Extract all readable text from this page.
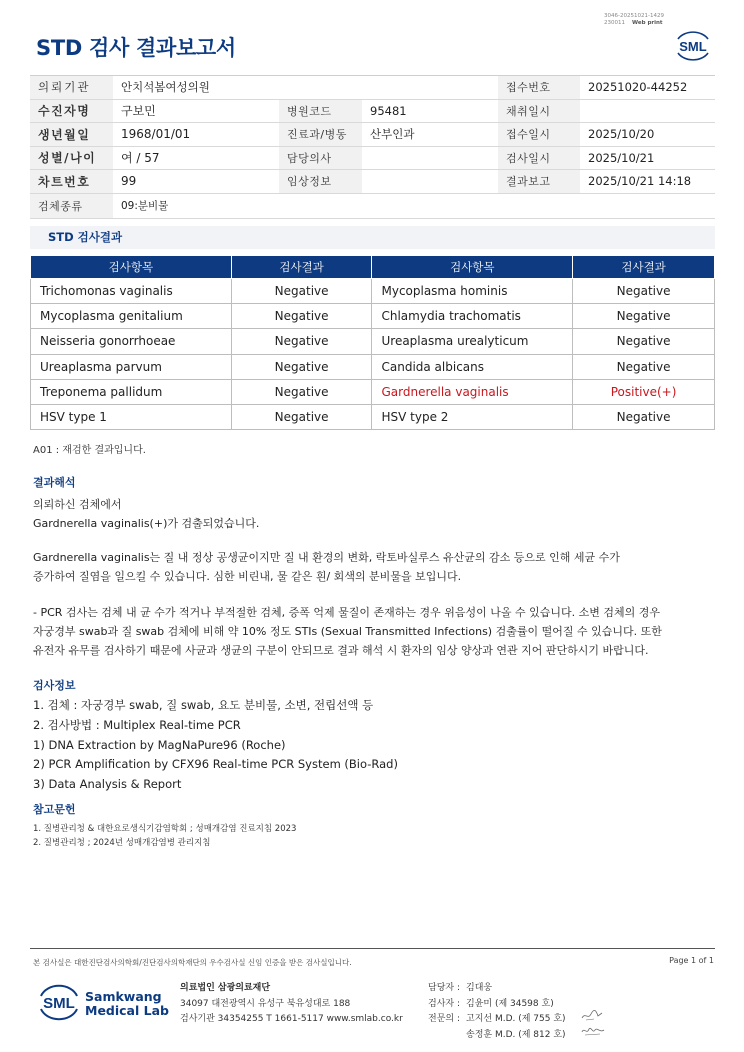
STD 검사 결과보고서
3046-20251021-1429
230011 Web print
SML
의뢰기관	안치석봄여성의원			접수번호	20251020-44252
수진자명	구보민	병원코드	95481	채취일시	
생년월일	1968/01/01	진료과/병동	산부인과	접수일시	2025/10/20
성별/나이	여 / 57	담당의사		검사일시	2025/10/21
차트번호	99	임상정보		결과보고	2025/10/21 14:18
검체종류	09:분비물				
STD 검사결과
검사항목	검사결과	검사항목	검사결과
Trichomonas vaginalis	Negative	Mycoplasma hominis	Negative
Mycoplasma genitalium	Negative	Chlamydia trachomatis	Negative
Neisseria gonorrhoeae	Negative	Ureaplasma urealyticum	Negative
Ureaplasma parvum	Negative	Candida albicans	Negative
Treponema pallidum	Negative	Gardnerella vaginalis	Positive(+)
HSV type 1	Negative	HSV type 2	Negative
A01 : 재검한 결과입니다.
결과해석
의뢰하신 검체에서
Gardnerella vaginalis(+)가 검출되었습니다.
Gardnerella vaginalis는 질 내 정상 공생균이지만 질 내 환경의 변화, 락토바실루스 유산균의 감소 등으로 인해 세균 수가
증가하여 질염을 일으킬 수 있습니다. 심한 비린내, 물 같은 흰/ 회색의 분비물을 보입니다.
- PCR 검사는 검체 내 균 수가 적거나 부적절한 검체, 증폭 억제 물질이 존재하는 경우 위음성이 나올 수 있습니다. 소변 검체의 경우
자궁경부 swab과 질 swab 검체에 비해 약 10% 정도 STIs (Sexual Transmitted Infections) 검출률이 떨어질 수 있습니다. 또한
유전자 유무를 검사하기 때문에 사균과 생균의 구분이 안되므로 결과 해석 시 환자의 임상 양상과 연관 지어 판단하시기 바랍니다.
검사정보
1. 검체 : 자궁경부 swab, 질 swab, 요도 분비물, 소변, 전립선액 등
2. 검사방법 : Multiplex Real-time PCR
1) DNA Extraction by MagNaPure96 (Roche)
2) PCR Amplification by CFX96 Real-time PCR System (Bio-Rad)
3) Data Analysis & Report
참고문헌
1. 질병관리청 & 대한요로생식기감염학회 ; 성매개감염 진료지침 2023
2. 질병관리청 ; 2024년 성매개감염병 관리지침
본 검사실은 대한진단검사의학회/진단검사의학재단의 우수검사실 신임 인증을 받은 검사실입니다.	Page 1 of 1
SML Samkwang
Medical Lab
의료법인 삼광의료재단
34097 대전광역시 유성구 북유성대로 188
검사기관 34354255 T 1661-5117 www.smlab.co.kr
담당자 : 김대웅
검사자 : 김윤미 (제 34598 호)
전문의 : 고지선 M.D. (제 755 호)
송정훈 M.D. (제 812 호)
